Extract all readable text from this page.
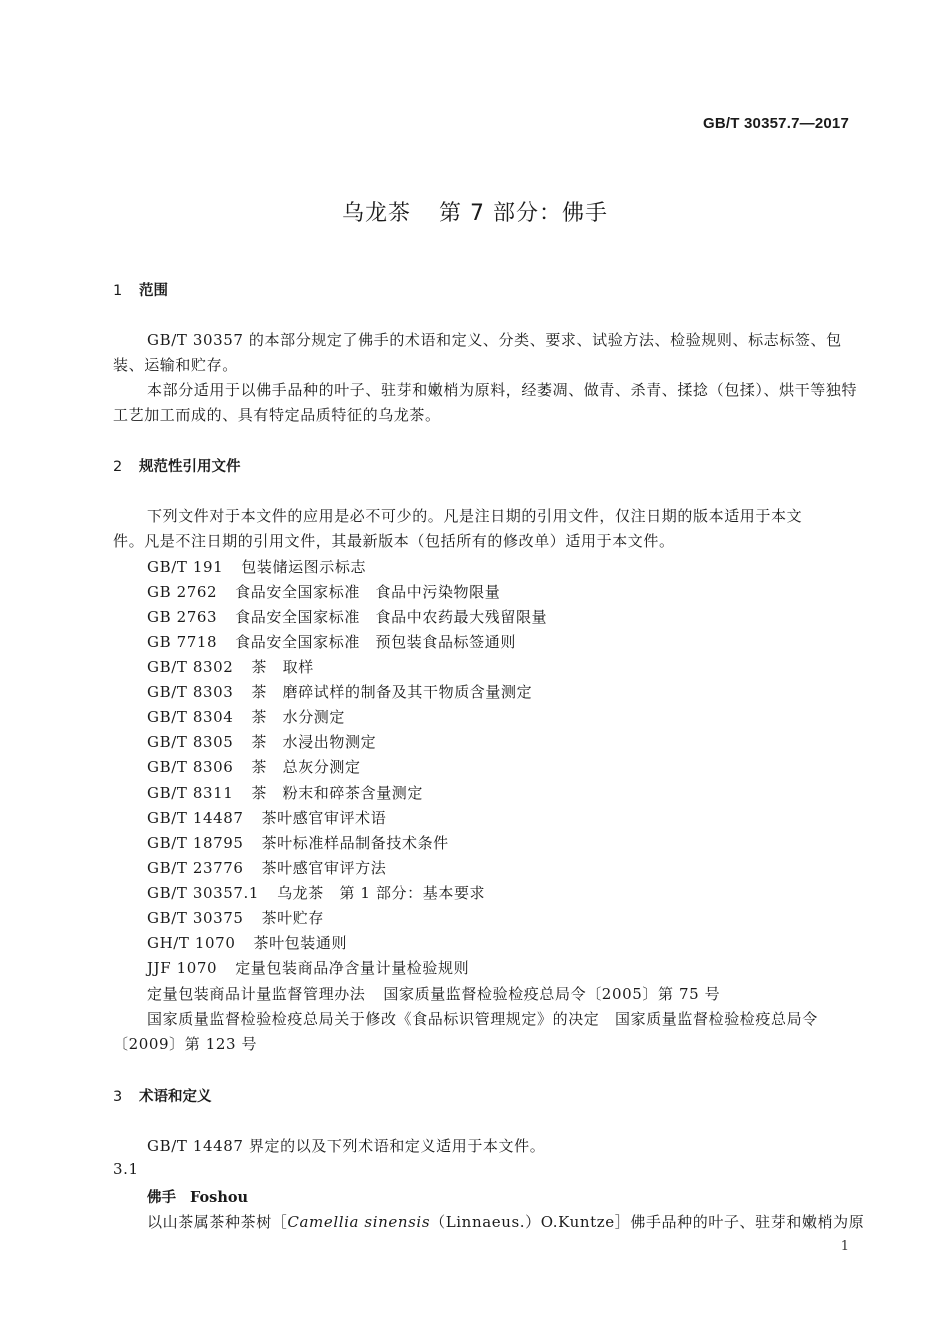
GB/T 30357.7—2017
乌龙茶 第 7 部分：佛手
1 范围
GB/T 30357 的本部分规定了佛手的术语和定义、分类、要求、试验方法、检验规则、标志标签、包
装、运输和贮存。
本部分适用于以佛手品种的叶子、驻芽和嫩梢为原料，经萎凋、做青、杀青、揉捻（包揉）、烘干等独特
工艺加工而成的、具有特定品质特征的乌龙茶。
2 规范性引用文件
下列文件对于本文件的应用是必不可少的。凡是注日期的引用文件，仅注日期的版本适用于本文
件。凡是不注日期的引用文件，其最新版本（包括所有的修改单）适用于本文件。
GB/T 191 包装储运图示标志
GB 2762 食品安全国家标准　食品中污染物限量
GB 2763 食品安全国家标准　食品中农药最大残留限量
GB 7718 食品安全国家标准　预包装食品标签通则
GB/T 8302 茶　取样
GB/T 8303 茶　磨碎试样的制备及其干物质含量测定
GB/T 8304 茶　水分测定
GB/T 8305 茶　水浸出物测定
GB/T 8306 茶　总灰分测定
GB/T 8311 茶　粉末和碎茶含量测定
GB/T 14487 茶叶感官审评术语
GB/T 18795 茶叶标准样品制备技术条件
GB/T 23776 茶叶感官审评方法
GB/T 30357.1 乌龙茶　第 1 部分：基本要求
GB/T 30375 茶叶贮存
GH/T 1070 茶叶包装通则
JJF 1070 定量包装商品净含量计量检验规则
定量包装商品计量监督管理办法 国家质量监督检验检疫总局令〔2005〕第 75 号
国家质量监督检验检疫总局关于修改《食品标识管理规定》的决定　国家质量监督检验检疫总局令
〔2009〕第 123 号
3 术语和定义
GB/T 14487 界定的以及下列术语和定义适用于本文件。
3.1
佛手 Foshou
以山茶属茶种茶树［Camellia sinensis（Linnaeus.）O.Kuntze］佛手品种的叶子、驻芽和嫩梢为原
1
